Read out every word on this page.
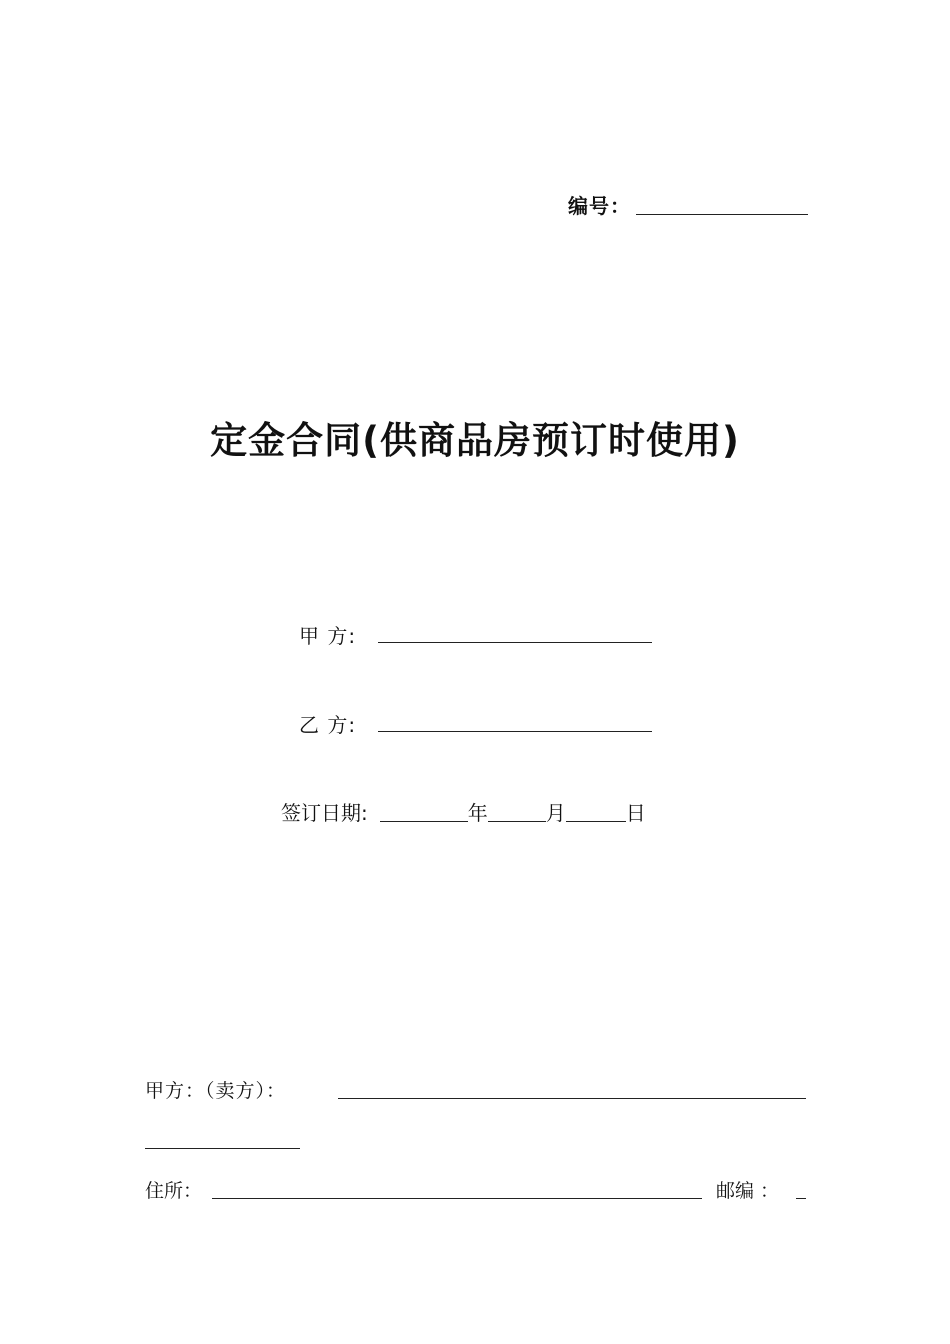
编号：
定金合同(供商品房预订时使用)
甲 方:
乙 方:
签订日期:	年	月	日
甲方：（卖方）：
住所：	邮编 ：
